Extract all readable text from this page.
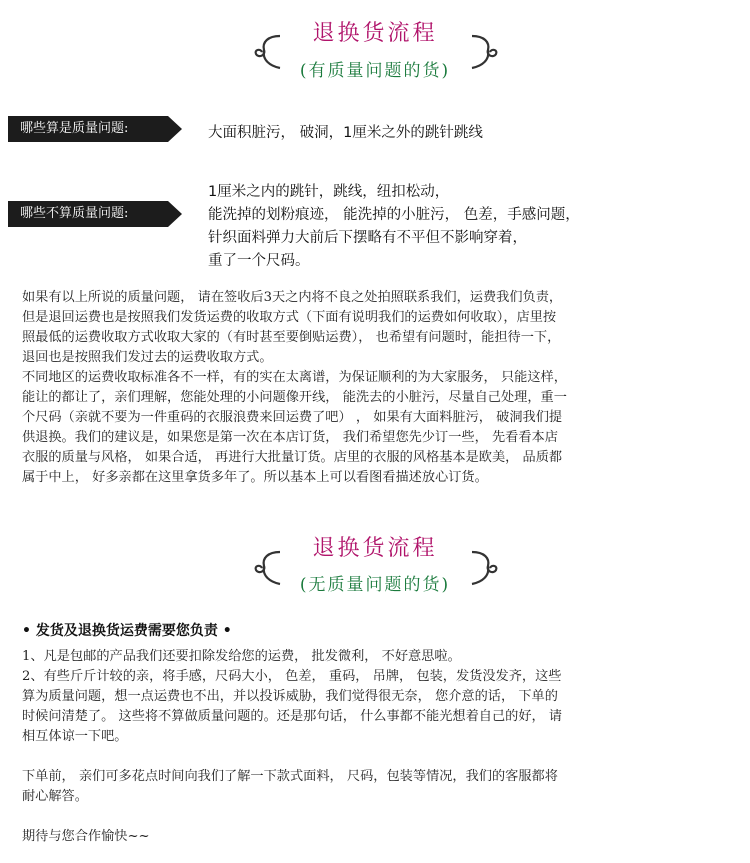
退换货流程
(有质量问题的货)
哪些算是质量问题:	大面积脏污， 破洞，1厘米之外的跳针跳线
哪些不算质量问题:
1厘米之内的跳针，跳线，纽扣松动，
能洗掉的划粉痕迹， 能洗掉的小脏污， 色差，手感问题，
针织面料弹力大前后下摆略有不平但不影响穿着，
重了一个尺码。
如果有以上所说的质量问题， 请在签收后3天之内将不良之处拍照联系我们，运费我们负责，
但是退回运费也是按照我们发货运费的收取方式（下面有说明我们的运费如何收取），店里按
照最低的运费收取方式收取大家的（有时甚至要倒贴运费）， 也希望有问题时，能担待一下，
退回也是按照我们发过去的运费收取方式。
不同地区的运费收取标准各不一样，有的实在太离谱，为保证顺利的为大家服务， 只能这样，
能让的都让了，亲们理解，您能处理的小问题像开线， 能洗去的小脏污，尽量自己处理，重一
个尺码（亲就不要为一件重码的衣服浪费来回运费了吧） ， 如果有大面料脏污， 破洞我们提
供退换。我们的建议是，如果您是第一次在本店订货， 我们希望您先少订一些， 先看看本店
衣服的质量与风格， 如果合适， 再进行大批量订货。店里的衣服的风格基本是欧美， 品质都
属于中上， 好多亲都在这里拿货多年了。所以基本上可以看图看描述放心订货。
退换货流程
(无质量问题的货)
• 发货及退换货运费需要您负责 •
1、凡是包邮的产品我们还要扣除发给您的运费， 批发微利， 不好意思啦。
2、有些斤斤计较的亲，将手感，尺码大小， 色差， 重码， 吊牌， 包装，发货没发齐，这些
算为质量问题，想一点运费也不出，并以投诉威胁，我们觉得很无奈， 您介意的话， 下单的
时候问清楚了。 这些将不算做质量问题的。还是那句话， 什么事都不能光想着自己的好， 请
相互体谅一下吧。
下单前， 亲们可多花点时间向我们了解一下款式面料， 尺码，包装等情况，我们的客服都将
耐心解答。
期待与您合作愉快~~
